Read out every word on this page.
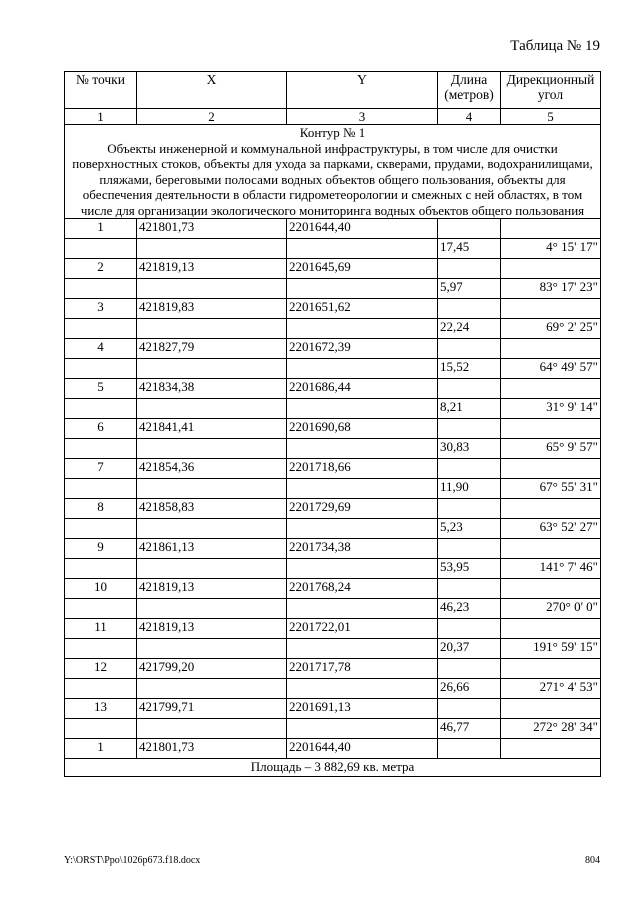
Таблица № 19
№ точки	X	Y	Длина (метров)	Дирекционный угол
1	2	3	4	5

Контур № 1
Объекты инженерной и коммунальной инфраструктуры, в том числе для очистки поверхностных стоков, объекты для ухода за парками, скверами, прудами, водохранилищами, пляжами, береговыми полосами водных объектов общего пользования, объекты для обеспечения деятельности в области гидрометеорологии и смежных с ней областях, в том числе для организации экологического мониторинга водных объектов общего пользования				

1	421801,73	2201644,40		
			17,45	4° 15' 17"
2	421819,13	2201645,69		
			5,97	83° 17' 23"
3	421819,83	2201651,62		
			22,24	69° 2' 25"
4	421827,79	2201672,39		
			15,52	64° 49' 57"
5	421834,38	2201686,44		
			8,21	31° 9' 14"
6	421841,41	2201690,68		
			30,83	65° 9' 57"
7	421854,36	2201718,66		
			11,90	67° 55' 31"
8	421858,83	2201729,69		
			5,23	63° 52' 27"
9	421861,13	2201734,38		
			53,95	141° 7' 46"
10	421819,13	2201768,24		
			46,23	270° 0' 0"
11	421819,13	2201722,01		
			20,37	191° 59' 15"
12	421799,20	2201717,78		
			26,66	271° 4' 53"
13	421799,71	2201691,13		
			46,77	272° 28' 34"
1	421801,73	2201644,40		
Площадь – 3 882,69 кв. метра				
Y:\ORST\Ppo\1026p673.f18.docx	804
